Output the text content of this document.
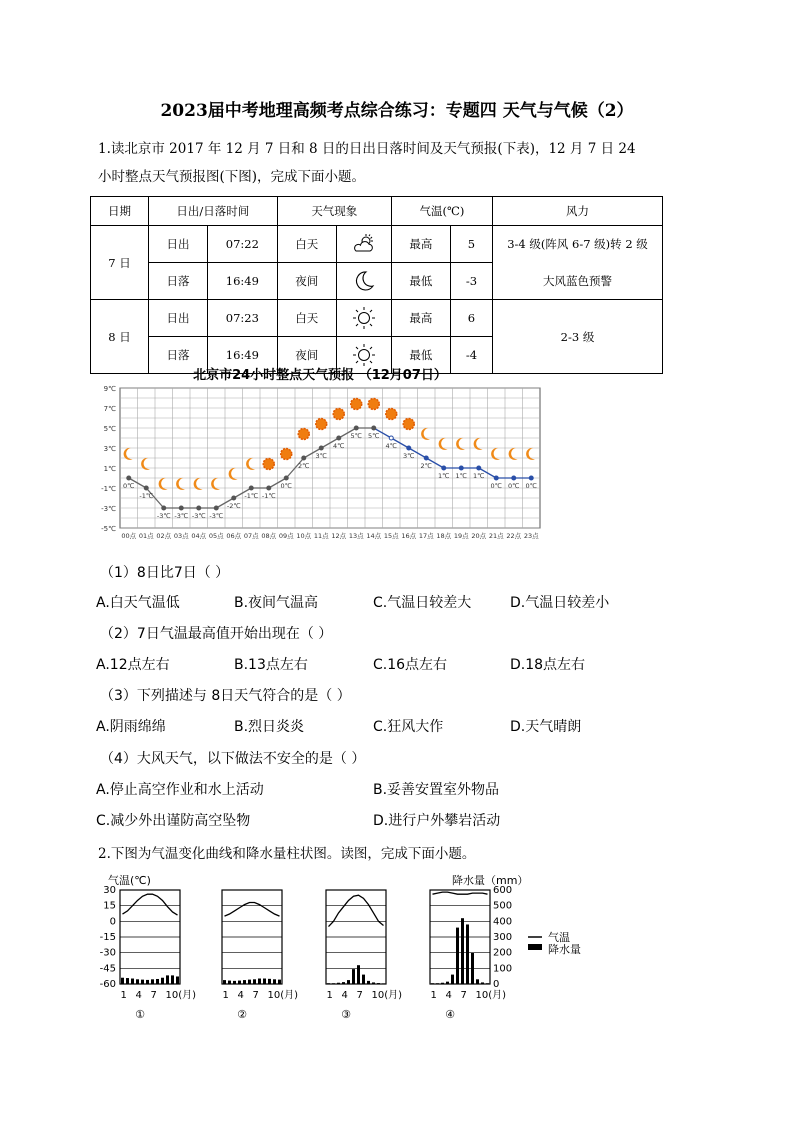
2023届中考地理高频考点综合练习：专题四 天气与气候（2）
1.读北京市 2017 年 12 月 7 日和 8 日的日出日落时间及天气预报(下表)，12 月 7 日 24
小时整点天气预报图(下图)，完成下面小题。
日期	日出/日落时间		天气现象		气温(℃)		风力
7 日	日出	07:22	白天		最高	5	3-4 级(阵风 6-7 级)转 2 级

	日落	16:49	夜间		最低	-3	大风蓝色预警
8 日	日出	07:23	白天		最高	6	2-3 级
	日落	16:49	夜间		最低	-4	
北京市24小时整点天气预报 （12月07日）
9℃
7℃
5℃
3℃
1℃
-1℃
-3℃
-5℃
00点 01点 02点 03点 04点 05点 06点 07点 08点 09点 10点 11点 12点 13点 14点 15点 16点 17点 18点 19点 20点 21点 22点 23点
0℃
-1℃
-3℃ -3℃ -3℃ -3℃
-2℃
-1℃ -1℃
0℃
2℃
3℃
4℃
5℃ 5℃
4℃
3℃
2℃
1℃ 1℃ 1℃
0℃ 0℃ 0℃
（1）8日比7日（ ）
A.白天气温低	B.夜间气温高	C.气温日较差大	D.气温日较差小
（2）7日气温最高值开始出现在（ ）
A.12点左右	B.13点左右	C.16点左右	D.18点左右
（3）下列描述与 8日天气符合的是（ ）
A.阴雨绵绵	B.烈日炎炎	C.狂风大作	D.天气晴朗
（4）大风天气，以下做法不安全的是（ ）
A.停止高空作业和水上活动	B.妥善安置室外物品
C.减少外出谨防高空坠物	D.进行户外攀岩活动
2.下图为气温变化曲线和降水量柱状图。读图，完成下面小题。
气温(℃)	降水量（mm）
30
15
0
-15
-30
-45
-60
600
500
400
300
200
100
0
1 4 7 10(月)
①
1 4 7 10(月)
②
1 4 7 10(月)
③
1 4 7 10(月)
④
气温
降水量
